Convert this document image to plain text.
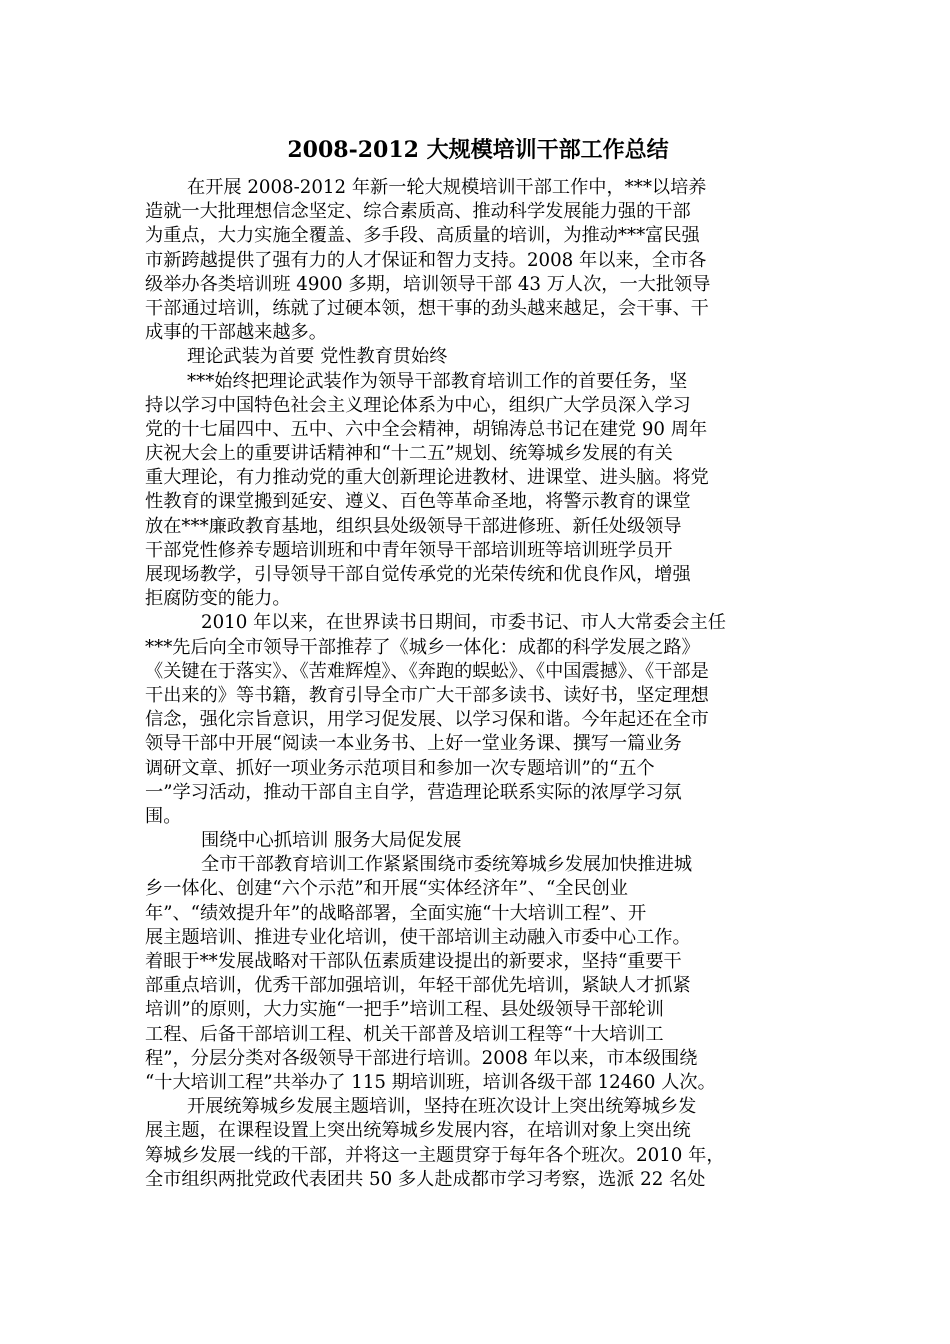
2008-2012 大规模培训干部工作总结
在开展 2008-2012 年新一轮大规模培训干部工作中，***以培养
造就一大批理想信念坚定、综合素质高、推动科学发展能力强的干部
为重点，大力实施全覆盖、多手段、高质量的培训，为推动***富民强
市新跨越提供了强有力的人才保证和智力支持。2008 年以来，全市各
级举办各类培训班 4900 多期，培训领导干部 43 万人次，一大批领导
干部通过培训，练就了过硬本领，想干事的劲头越来越足，会干事、干
成事的干部越来越多。
理论武装为首要 党性教育贯始终
***始终把理论武装作为领导干部教育培训工作的首要任务，坚
持以学习中国特色社会主义理论体系为中心，组织广大学员深入学习
党的十七届四中、五中、六中全会精神，胡锦涛总书记在建党 90 周年
庆祝大会上的重要讲话精神和“十二五”规划、统筹城乡发展的有关
重大理论，有力推动党的重大创新理论进教材、进课堂、进头脑。将党
性教育的课堂搬到延安、遵义、百色等革命圣地，将警示教育的课堂
放在***廉政教育基地，组织县处级领导干部进修班、新任处级领导
干部党性修养专题培训班和中青年领导干部培训班等培训班学员开
展现场教学，引导领导干部自觉传承党的光荣传统和优良作风，增强
拒腐防变的能力。
2010 年以来，在世界读书日期间，市委书记、市人大常委会主任
***先后向全市领导干部推荐了《城乡一体化：成都的科学发展之路》
《关键在于落实》、《苦难辉煌》、《奔跑的蜈蚣》、《中国震撼》、《干部是
干出来的》等书籍，教育引导全市广大干部多读书、读好书，坚定理想
信念，强化宗旨意识，用学习促发展、以学习保和谐。今年起还在全市
领导干部中开展“阅读一本业务书、上好一堂业务课、撰写一篇业务
调研文章、抓好一项业务示范项目和参加一次专题培训”的“五个
一”学习活动，推动干部自主自学，营造理论联系实际的浓厚学习氛
围。
围绕中心抓培训 服务大局促发展
全市干部教育培训工作紧紧围绕市委统筹城乡发展加快推进城
乡一体化、创建“六个示范”和开展“实体经济年”、“全民创业
年”、“绩效提升年”的战略部署，全面实施“十大培训工程”、开
展主题培训、推进专业化培训，使干部培训主动融入市委中心工作。
着眼于**发展战略对干部队伍素质建设提出的新要求，坚持“重要干
部重点培训，优秀干部加强培训，年轻干部优先培训，紧缺人才抓紧
培训”的原则，大力实施“一把手”培训工程、县处级领导干部轮训
工程、后备干部培训工程、机关干部普及培训工程等“十大培训工
程”，分层分类对各级领导干部进行培训。2008 年以来，市本级围绕
“十大培训工程”共举办了 115 期培训班，培训各级干部 12460 人次。
开展统筹城乡发展主题培训，坚持在班次设计上突出统筹城乡发
展主题，在课程设置上突出统筹城乡发展内容，在培训对象上突出统
筹城乡发展一线的干部，并将这一主题贯穿于每年各个班次。2010 年，
全市组织两批党政代表团共 50 多人赴成都市学习考察，选派 22 名处
